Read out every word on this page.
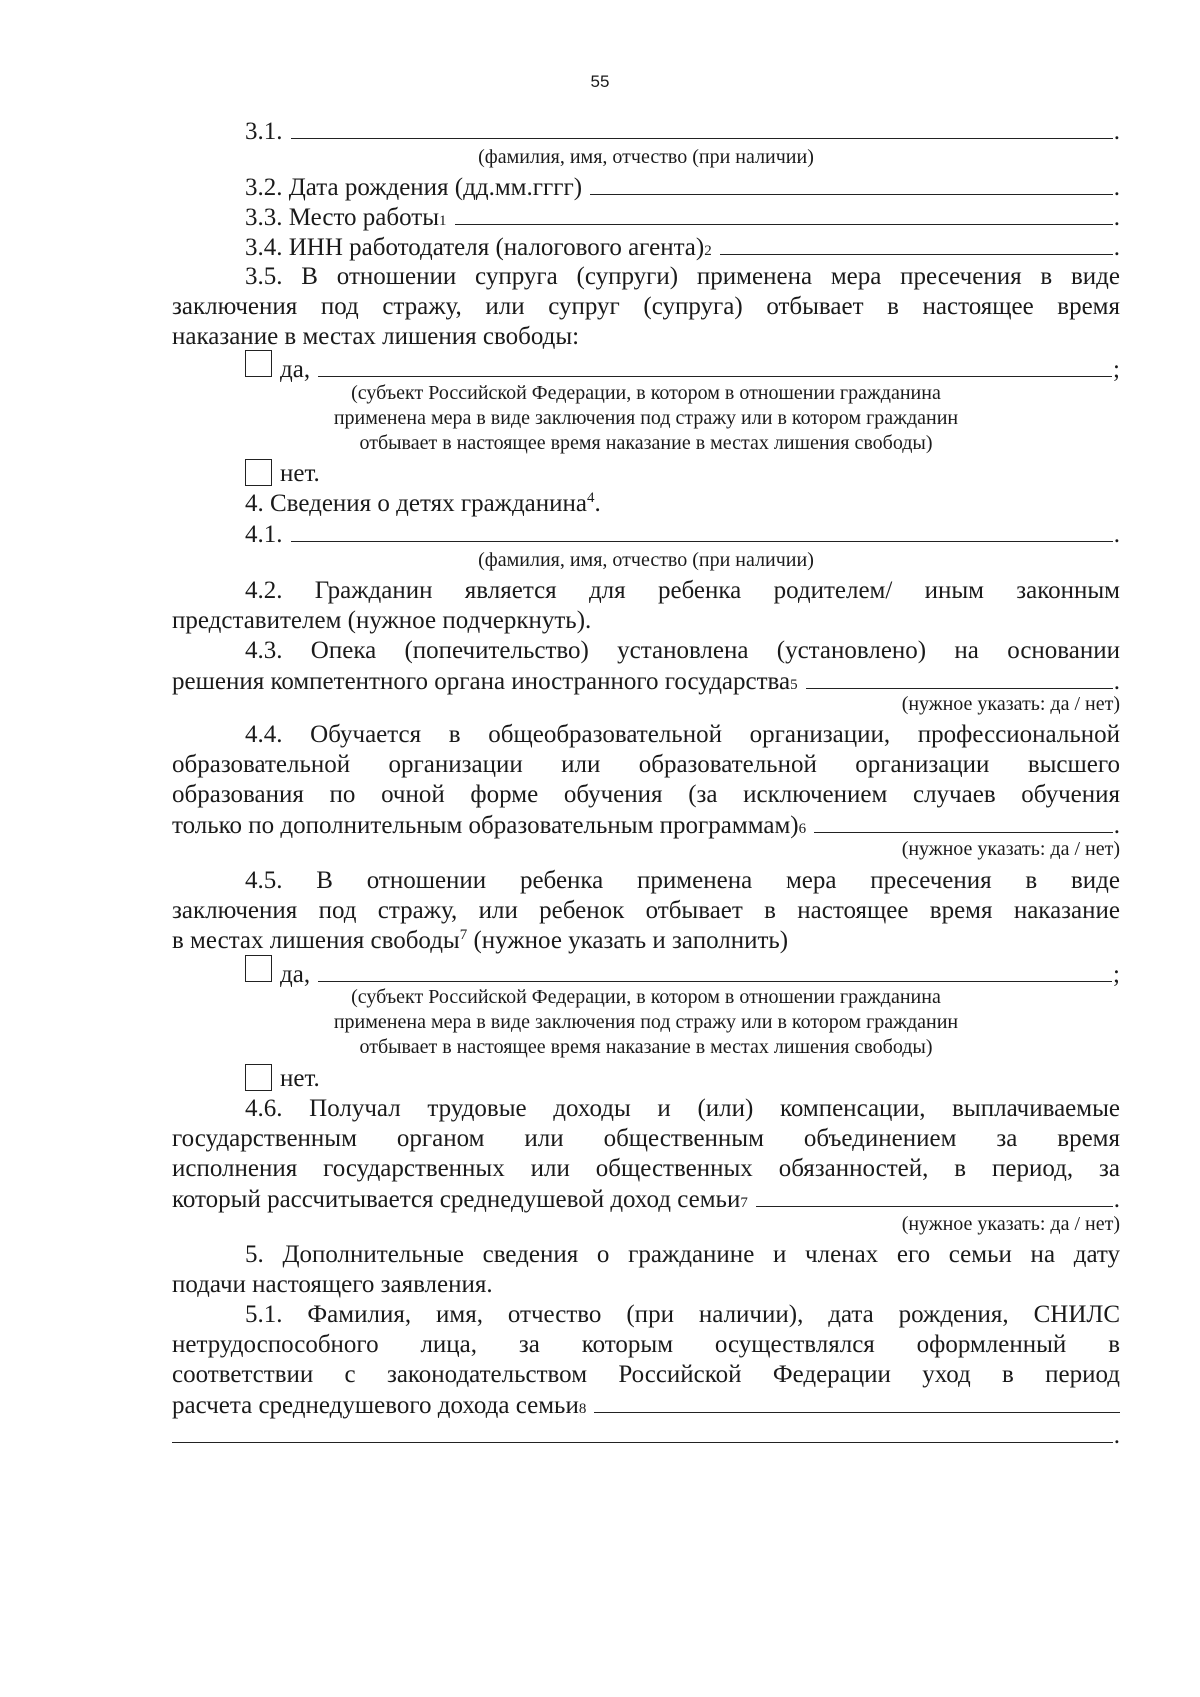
55
3.1.	.
(фамилия, имя, отчество (при наличии)
3.2. Дата рождения (дд.мм.гггг)	.
3.3. Место работы 1	.
3.4. ИНН работодателя (налогового агента) 2	.
3.5. В отношении супруга (супруги) применена мера пресечения в виде
заключения под стражу, или супруг (супруга) отбывает в настоящее время
наказание в местах лишения свободы:
да,	;
(субъект Российской Федерации, в котором в отношении гражданина
применена мера в виде заключения под стражу или в котором гражданин
отбывает в настоящее время наказание в местах лишения свободы)
нет.
4. Сведения о детях гражданина$^4$.
4.1.	.
(фамилия, имя, отчество (при наличии)
4.2. Гражданин является для ребенка родителем/ иным законным
представителем (нужное подчеркнуть).
4.3. Опека (попечительство) установлена (установлено) на основании
решения компетентного органа иностранного государства 5	.
(нужное указать: да / нет)
4.4. Обучается в общеобразовательной организации, профессиональной
образовательной организации или образовательной организации высшего
образования по очной форме обучения (за исключением случаев обучения
только по дополнительным образовательным программам) 6	.
(нужное указать: да / нет)
4.5. В отношении ребенка применена мера пресечения в виде
заключения под стражу, или ребенок отбывает в настоящее время наказание
в местах лишения свободы$^7$ (нужное указать и заполнить)
да,	;
(субъект Российской Федерации, в котором в отношении гражданина
применена мера в виде заключения под стражу или в котором гражданин
отбывает в настоящее время наказание в местах лишения свободы)
нет.
4.6. Получал трудовые доходы и (или) компенсации, выплачиваемые
государственным органом или общественным объединением за время
исполнения государственных или общественных обязанностей, в период, за
который рассчитывается среднедушевой доход семьи 7	.
(нужное указать: да / нет)
5. Дополнительные сведения о гражданине и членах его семьи на дату
подачи настоящего заявления.
5.1. Фамилия, имя, отчество (при наличии), дата рождения, СНИЛС
нетрудоспособного лица, за которым осуществлялся оформленный в
соответствии с законодательством Российской Федерации уход в период
расчета среднедушевого дохода семьи 8
.
